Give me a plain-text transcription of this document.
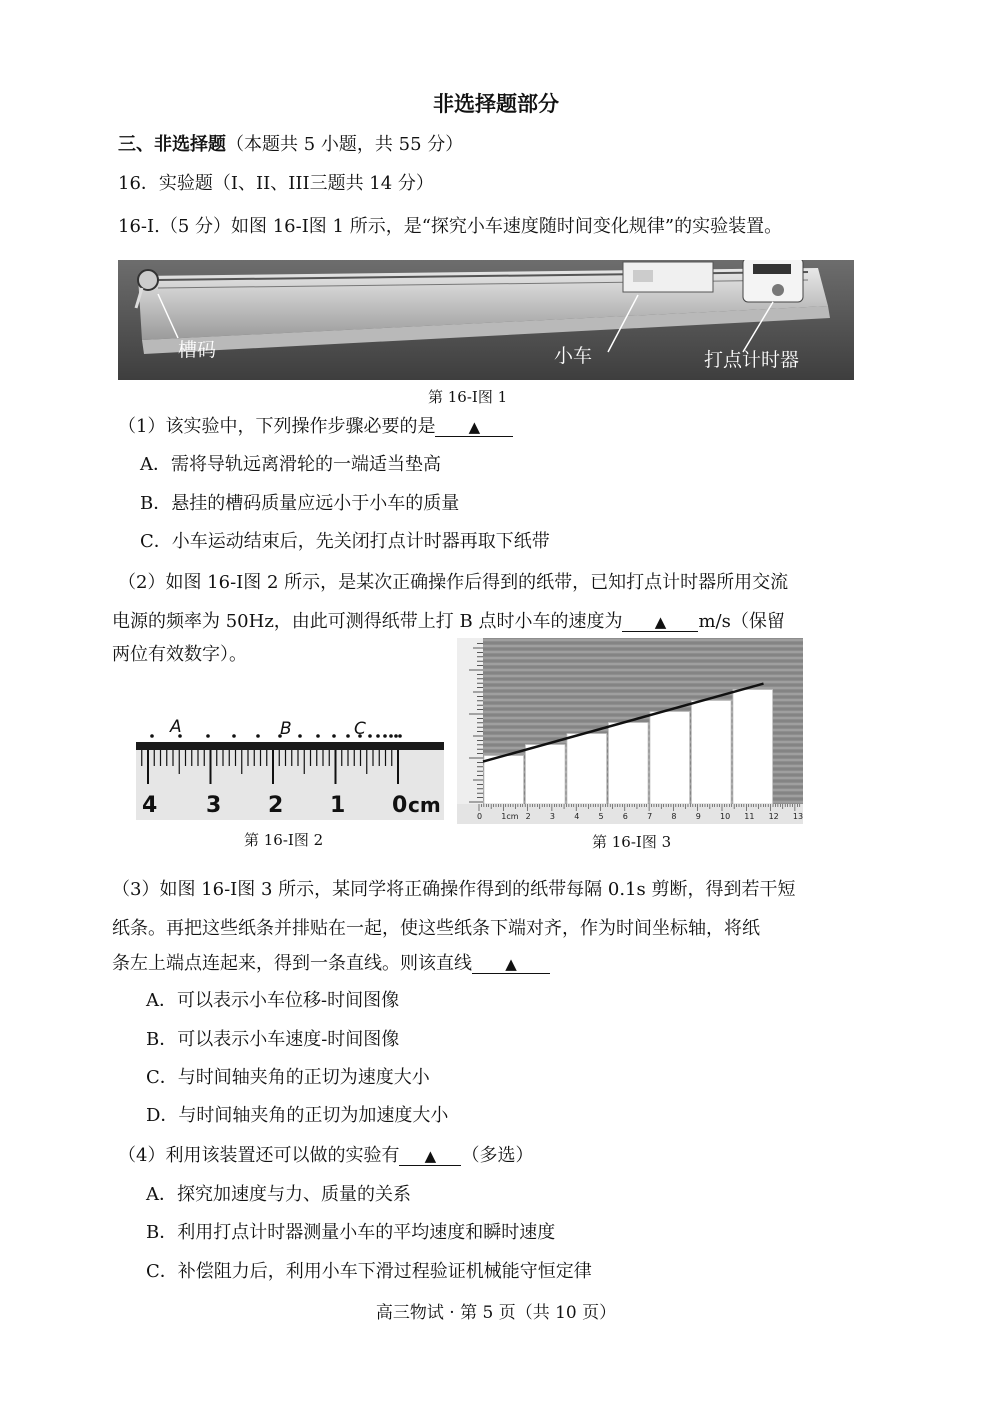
非选择题部分
三、非选择题（本题共 5 小题，共 55 分）
16．实验题（I、II、III三题共 14 分）
16-I.（5 分）如图 16-I图 1 所示，是“探究小车速度随时间变化规律”的实验装置。
槽码	小车	打点计时器
第 16-I图 1
（1）该实验中，下列操作步骤必要的是 ▲
A．需将导轨远离滑轮的一端适当垫高
B．悬挂的槽码质量应远小于小车的质量
C．小车运动结束后，先关闭打点计时器再取下纸带
（2）如图 16-I图 2 所示，是某次正确操作后得到的纸带，已知打点计时器所用交流
电源的频率为 50Hz，由此可测得纸带上打 B 点时小车的速度为 ▲ m/s（保留
两位有效数字）。
A	B	C
4 3 2 1 0 cm
第 16-I图 2
0 1cm 2 3 4 5 6 7 8 9 10 11 12 13
第 16-I图 3
（3）如图 16-I图 3 所示，某同学将正确操作得到的纸带每隔 0.1s 剪断，得到若干短
纸条。再把这些纸条并排贴在一起，使这些纸条下端对齐，作为时间坐标轴，将纸
条左上端点连起来，得到一条直线。则该直线 ▲
A．可以表示小车位移-时间图像
B．可以表示小车速度-时间图像
C．与时间轴夹角的正切为速度大小
D．与时间轴夹角的正切为加速度大小
（4）利用该装置还可以做的实验有 ▲ （多选）
A．探究加速度与力、质量的关系
B．利用打点计时器测量小车的平均速度和瞬时速度
C．补偿阻力后，利用小车下滑过程验证机械能守恒定律
高三物试 · 第 5 页（共 10 页）
